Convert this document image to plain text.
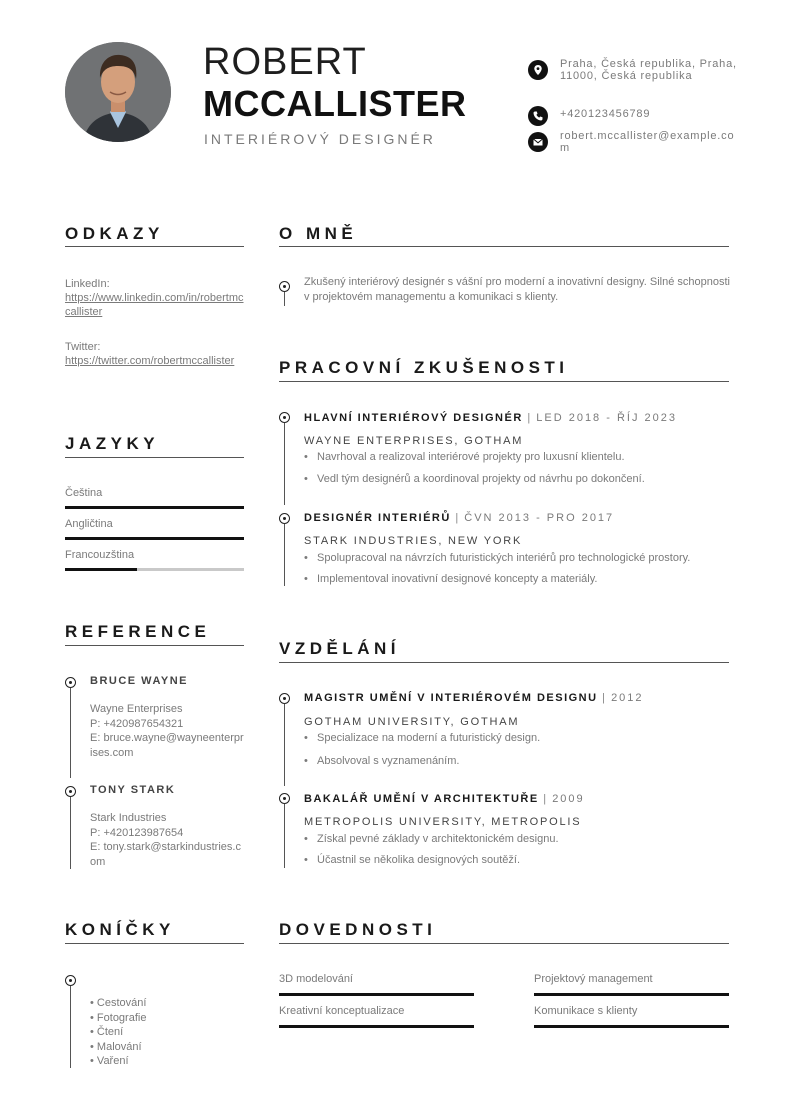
ROBERT
MCCALLISTER
INTERIÉROVÝ DESIGNÉR
Praha, Česká republika, Praha, 11000, Česká republika
+420123456789
robert.mccallister@example.com
ODKAZY
LinkedIn:
https://www.linkedin.com/in/robertmccallister
Twitter:
https://twitter.com/robertmccallister
JAZYKY
Čeština
Angličtina
Francouzština
REFERENCE
BRUCE WAYNE
Wayne Enterprises
P: +420987654321
E: bruce.wayne@wayneenterprises.com
TONY STARK
Stark Industries
P: +420123987654
E: tony.stark@starkindustries.com
KONÍČKY
• Cestování
• Fotografie
• Čtení
• Malování
• Vaření
O MNĚ
Zkušený interiérový designér s vášní pro moderní a inovativní designy. Silné schopnosti v projektovém managementu a komunikaci s klienty.
PRACOVNÍ ZKUŠENOSTI
HLAVNÍ INTERIÉROVÝ DESIGNÉR | LED 2018 - ŘÍJ 2023
WAYNE ENTERPRISES, GOTHAM
• Navrhoval a realizoval interiérové projekty pro luxusní klientelu.
• Vedl tým designérů a koordinoval projekty od návrhu po dokončení.
DESIGNÉR INTERIÉRŮ | ČVN 2013 - PRO 2017
STARK INDUSTRIES, NEW YORK
• Spolupracoval na návrzích futuristických interiérů pro technologické prostory.
• Implementoval inovativní designové koncepty a materiály.
VZDĚLÁNÍ
MAGISTR UMĚNÍ V INTERIÉROVÉM DESIGNU | 2012
GOTHAM UNIVERSITY, GOTHAM
• Specializace na moderní a futuristický design.
• Absolvoval s vyznamenáním.
BAKALÁŘ UMĚNÍ V ARCHITEKTUŘE | 2009
METROPOLIS UNIVERSITY, METROPOLIS
• Získal pevné základy v architektonickém designu.
• Účastnil se několika designových soutěží.
DOVEDNOSTI
3D modelování	Projektový management
Kreativní konceptualizace	Komunikace s klienty
